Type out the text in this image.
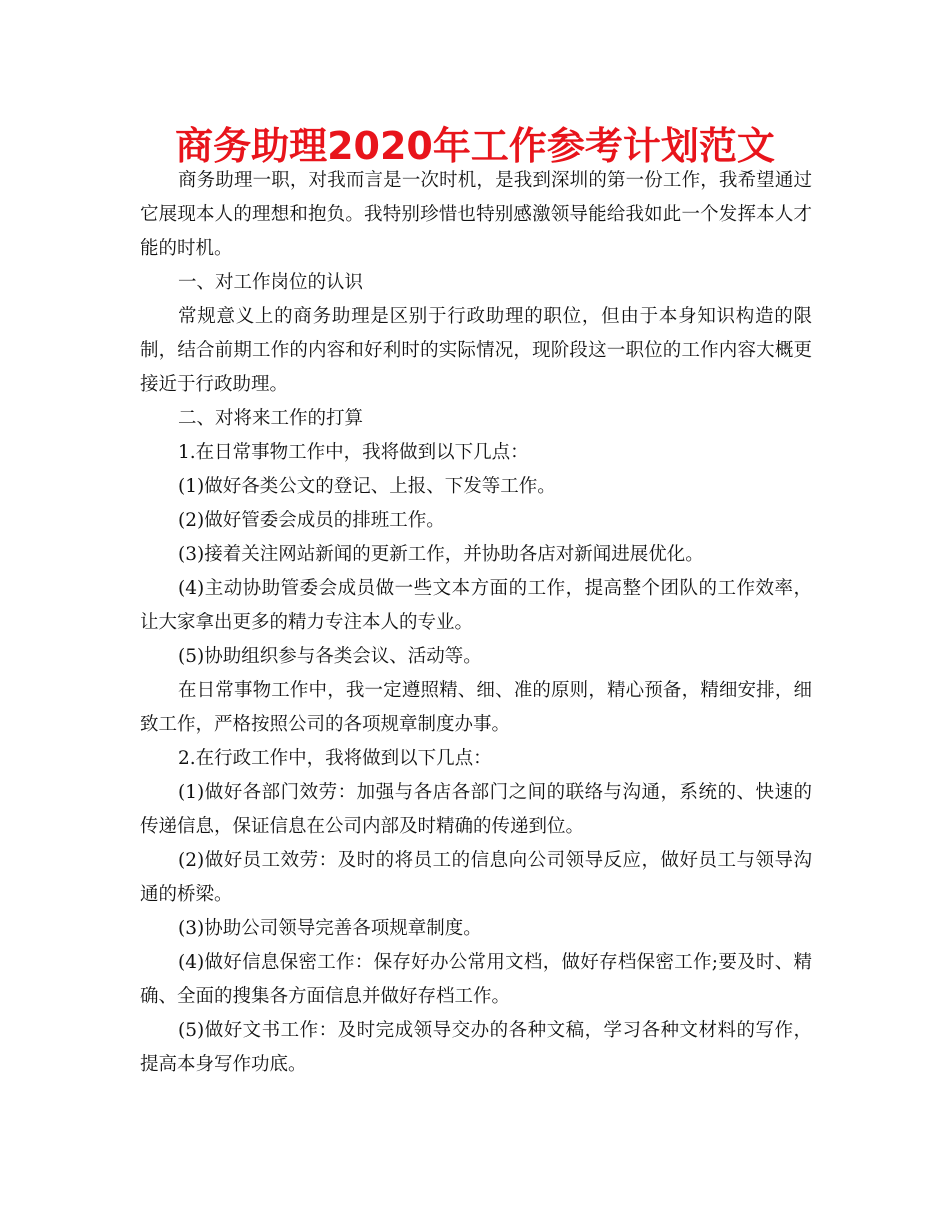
商务助理2020年工作参考计划范文

商务助理一职，对我而言是一次时机，是我到深圳的第一份工作，我希望通过它展现本人的理想和抱负。我特别珍惜也特别感激领导能给我如此一个发挥本人才能的时机。

一、对工作岗位的认识

常规意义上的商务助理是区别于行政助理的职位，但由于本身知识构造的限制，结合前期工作的内容和好利时的实际情况，现阶段这一职位的工作内容大概更接近于行政助理。

二、对将来工作的打算

1.在日常事物工作中，我将做到以下几点：

(1)做好各类公文的登记、上报、下发等工作。

(2)做好管委会成员的排班工作。

(3)接着关注网站新闻的更新工作，并协助各店对新闻进展优化。

(4)主动协助管委会成员做一些文本方面的工作，提高整个团队的工作效率，让大家拿出更多的精力专注本人的专业。

(5)协助组织参与各类会议、活动等。

在日常事物工作中，我一定遵照精、细、准的原则，精心预备，精细安排，细致工作，严格按照公司的各项规章制度办事。

2.在行政工作中，我将做到以下几点：

(1)做好各部门效劳：加强与各店各部门之间的联络与沟通，系统的、快速的传递信息，保证信息在公司内部及时精确的传递到位。

(2)做好员工效劳：及时的将员工的信息向公司领导反应，做好员工与领导沟通的桥梁。

(3)协助公司领导完善各项规章制度。

(4)做好信息保密工作：保存好办公常用文档，做好存档保密工作;要及时、精确、全面的搜集各方面信息并做好存档工作。

(5)做好文书工作：及时完成领导交办的各种文稿，学习各种文材料的写作，提高本身写作功底。
